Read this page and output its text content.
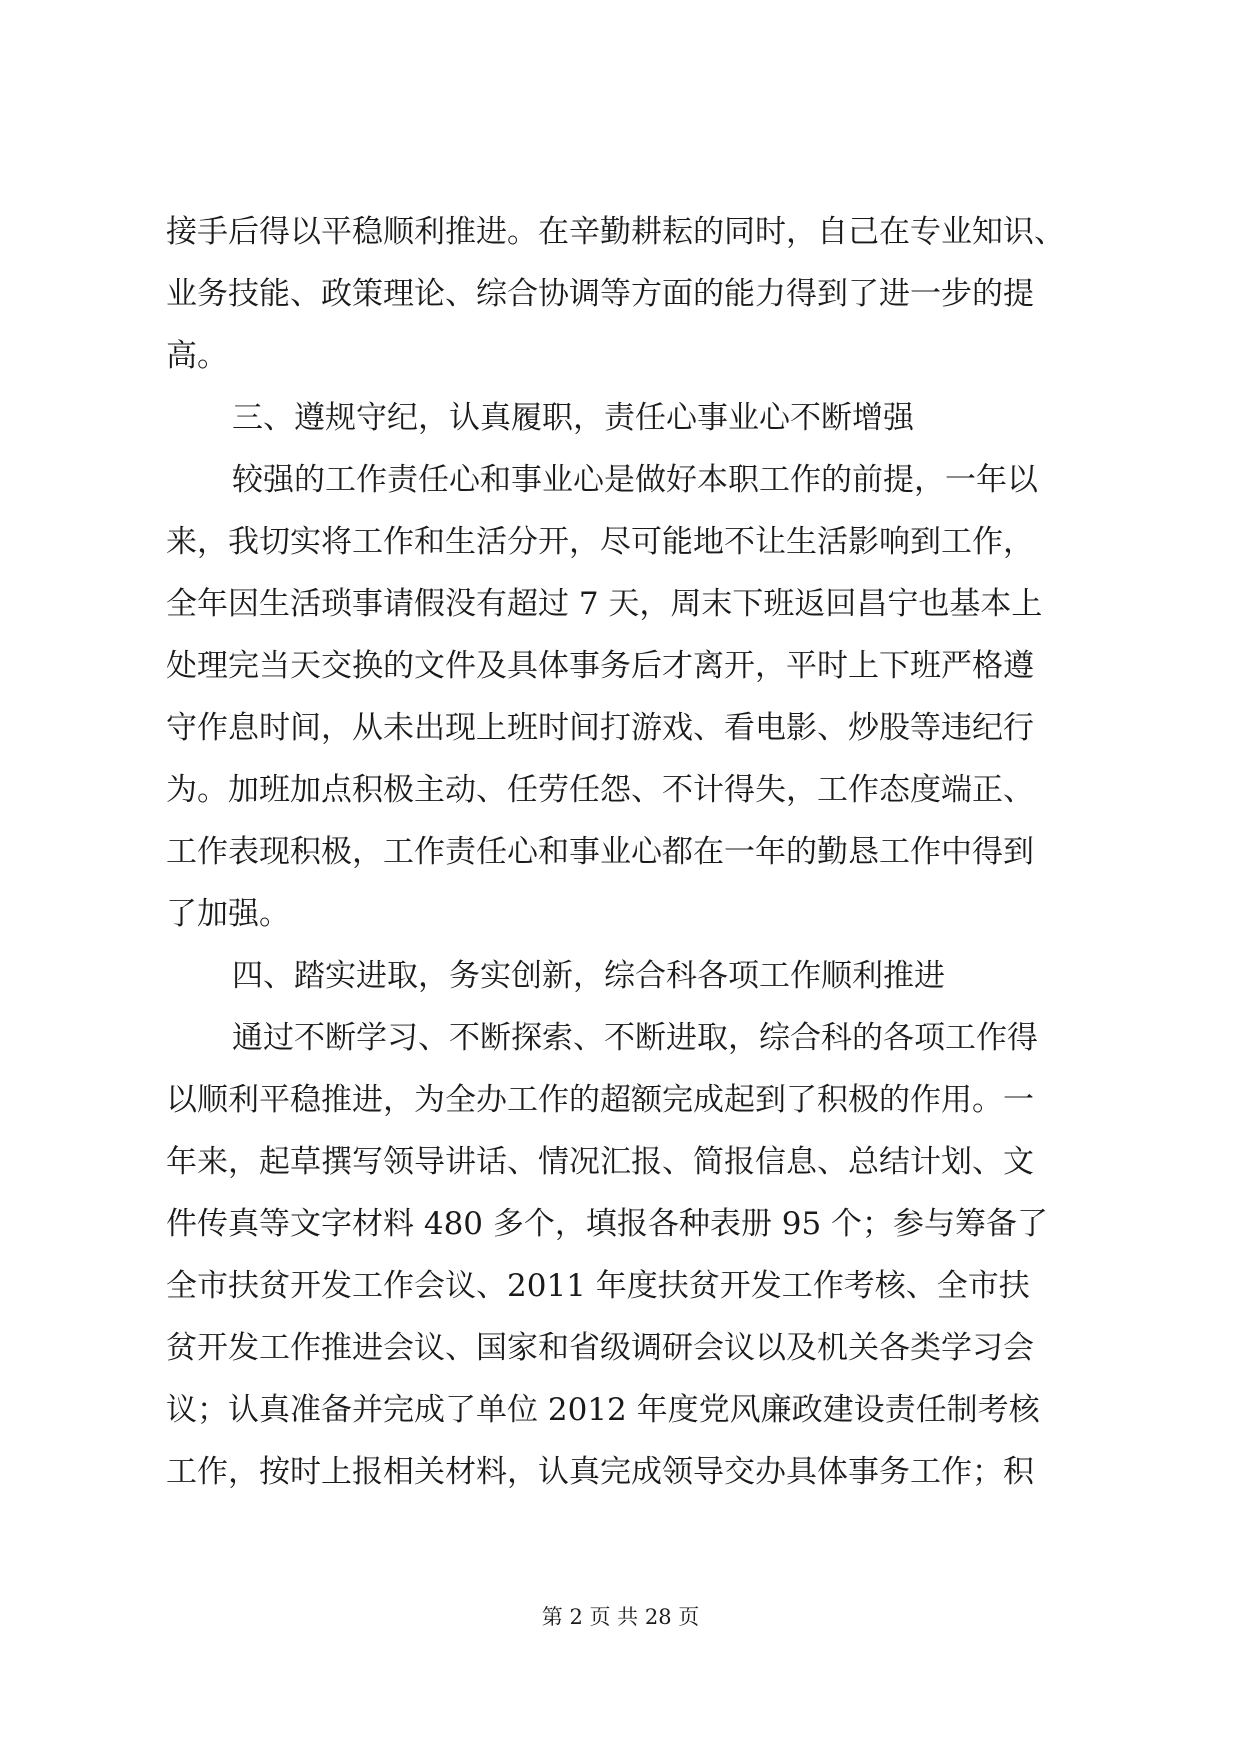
接手后得以平稳顺利推进。在辛勤耕耘的同时，自己在专业知识、
业务技能、政策理论、综合协调等方面的能力得到了进一步的提
高。
三、遵规守纪，认真履职，责任心事业心不断增强
较强的工作责任心和事业心是做好本职工作的前提，一年以
来，我切实将工作和生活分开，尽可能地不让生活影响到工作，
全年因生活琐事请假没有超过 7 天，周末下班返回昌宁也基本上
处理完当天交换的文件及具体事务后才离开，平时上下班严格遵
守作息时间，从未出现上班时间打游戏、看电影、炒股等违纪行
为。加班加点积极主动、任劳任怨、不计得失，工作态度端正、
工作表现积极，工作责任心和事业心都在一年的勤恳工作中得到
了加强。
四、踏实进取，务实创新，综合科各项工作顺利推进
通过不断学习、不断探索、不断进取，综合科的各项工作得
以顺利平稳推进，为全办工作的超额完成起到了积极的作用。一
年来，起草撰写领导讲话、情况汇报、简报信息、总结计划、文
件传真等文字材料 480 多个，填报各种表册 95 个；参与筹备了
全市扶贫开发工作会议、2011 年度扶贫开发工作考核、全市扶
贫开发工作推进会议、国家和省级调研会议以及机关各类学习会
议；认真准备并完成了单位 2012 年度党风廉政建设责任制考核
工作，按时上报相关材料，认真完成领导交办具体事务工作；积
第 2 页 共 28 页
